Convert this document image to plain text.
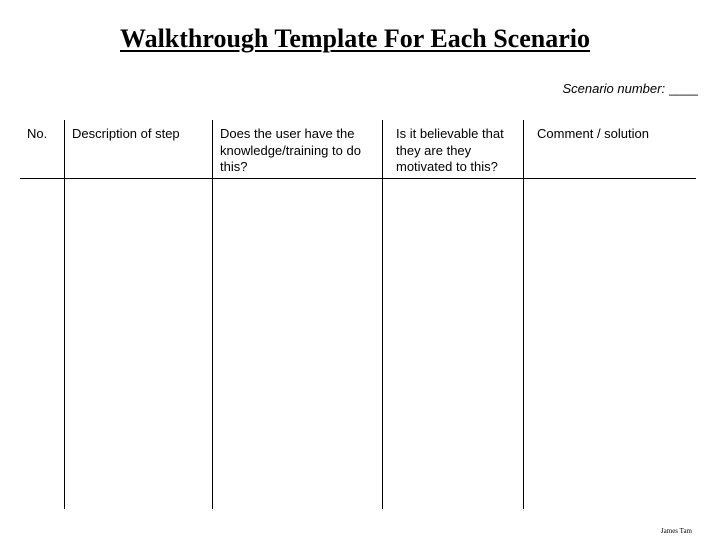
Walkthrough Template For Each Scenario
Scenario number: ____
No.	Description of step	Does the user have the knowledge/training to do this?
Is it believable that they are they motivated to this?
Comment / solution
James Tam
